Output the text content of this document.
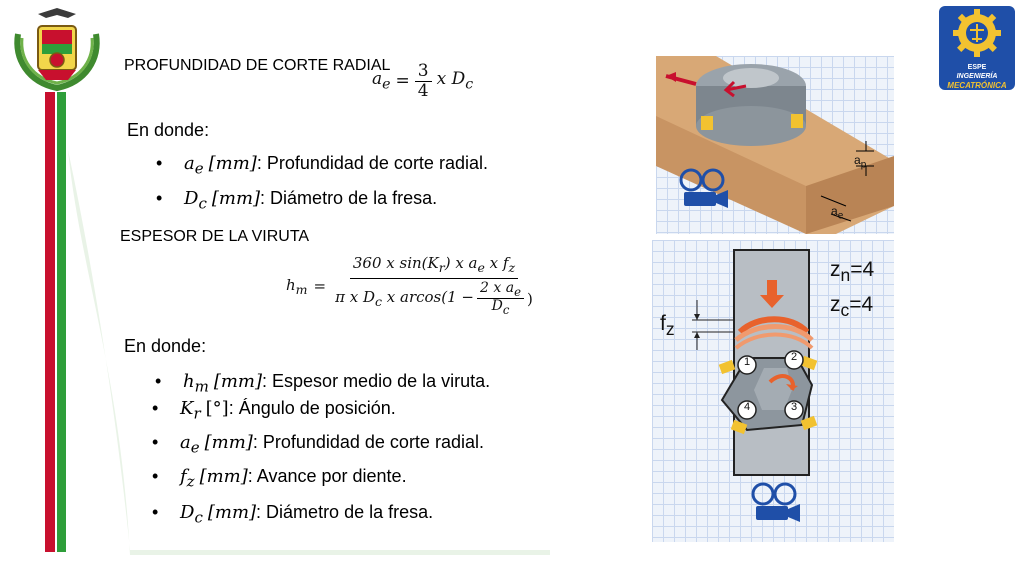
ESPE
INGENIERÍA
MECATRÓNICA
PROFUNDIDAD DE CORTE RADIAL
$a_e = \frac{3}{4}$ x $D_c$
En donde:
• $a_e$ [mm]: Profundidad de corte radial.
• $D_c$ [mm]: Diámetro de la fresa.
ESPESOR DE LA VIRUTA
$h_m$ =
360 x $\sin(K_r)$ x $a_e$ x $f_z$
π x $D_c$ x $arcos(1 - \frac{2 x a_e}{D_c}$ )
En donde:
• $h_m$ [mm]: Espesor medio de la viruta.
• $K_r$ [°]: Ángulo de posición.
• $a_e$ [mm]: Profundidad de corte radial.
• $f_z$ [mm]: Avance por diente.
• $D_c$ [mm]: Diámetro de la fresa.
$a_p$
$a_e$
1	2
3
4
$z_n=4$
$z_c=4$
$f_z$
